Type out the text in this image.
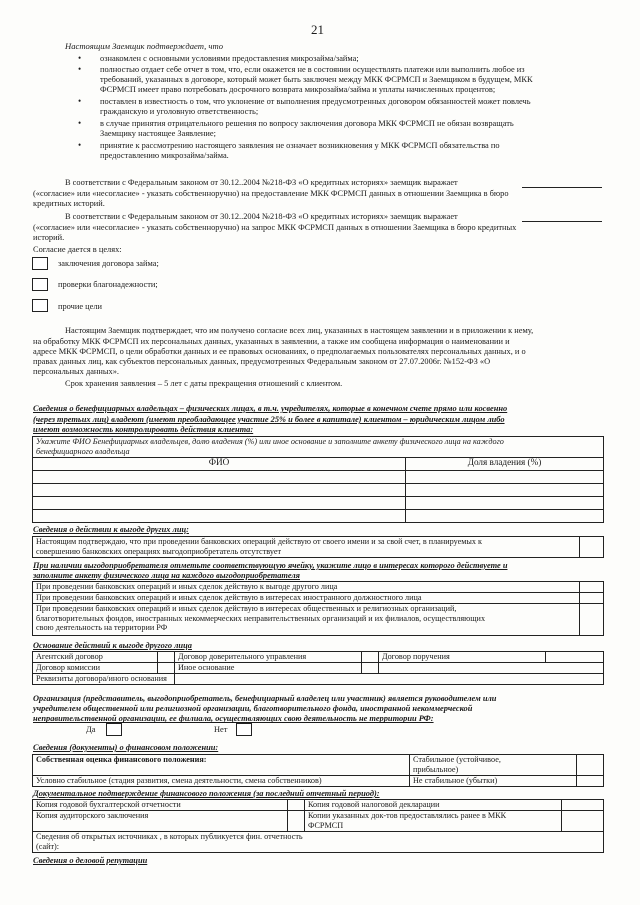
21
Настоящим Заемщик подтверждает, что
• ознакомлен с основными условиями предоставления микрозайма/займа;
• полностью отдает себе отчет в том, что, если окажется не в состоянии осуществлять платежи или выполнить любое из
требований, указанных в договоре, который может быть заключен между МКК ФСРМСП и Заемщиком в будущем, МКК
ФСРМСП имеет право потребовать досрочного возврата микрозайма/займа и уплаты начисленных процентов;
• поставлен в известность о том, что уклонение от выполнения предусмотренных договором обязанностей может повлечь
гражданскую и уголовную ответственность;
• в случае принятия отрицательного решения по вопросу заключения договора МКК ФСРМСП не обязан возвращать
Заемщику настоящее Заявление;
• принятие к рассмотрению настоящего заявления не означает возникновения у МКК ФСРМСП обязательства по
предоставлению микрозайма/займа.
В соответствии с Федеральным законом от 30.12..2004 №218-ФЗ «О кредитных историях» заемщик выражает
(«согласие» или «несогласие» - указать собственноручно) на предоставление МКК ФСРМСП данных в отношении Заемщика в бюро
кредитных историй.
В соответствии с Федеральным законом от 30.12..2004 №218-ФЗ «О кредитных историях» заемщик выражает
(«согласие» или «несогласие» - указать собственноручно) на запрос МКК ФСРМСП данных в отношении Заемщика в бюро кредитных
историй.
Согласие дается в целях:
заключения договора займа;
проверки благонадежности;
прочие цели
Настоящим Заемщик подтверждает, что им получено согласие всех лиц, указанных в настоящем заявлении и в приложении к нему,
на обработку МКК ФСРМСП их персональных данных, указанных в заявлении, а также им сообщена информация о наименовании и
адресе МКК ФСРМСП, о цели обработки данных и ее правовых основаниях, о предполагаемых пользователях персональных данных, и о
правах данных лиц, как субъектов персональных данных, предусмотренных Федеральным законом от 27.07.2006г. №152-ФЗ «О
персональных данных».
Срок хранения заявления – 5 лет с даты прекращения отношений с клиентом.
Сведения о бенефициарных владельцах – физических лицах, в т.ч. учредителях, которые в конечном счете прямо или косвенно
(через третьих лиц) владеют (имеют преобладающее участие 25% и более в капитале) клиентом – юридическим лицом либо
имеют возможность контролировать действия клиента:
Укажите ФИО Бенефициарных владельцев, долю владения (%) или иное основание и заполните анкету физического лица на каждого
бенефициарного владельца	
ФИО	Доля владения (%)

Сведения о действии к выгоде других лиц:
Настоящим подтверждаю, что при проведении банковских операций действую от своего имени и за свой счет, в планируемых к
совершению банковских операциях выгодоприобретатель отсутствует	
При наличии выгодоприобретателя отметьте соответствующую ячейку, укажите лицо в интересах которого действуете и
заполните анкету физического лица на каждого выгодоприобретателя
При проведении банковских операций и иных сделок действую к выгоде другого лица	
При проведении банковских операций и иных сделок действую в интересах иностранного должностного лица	
При проведении банковских операций и иных сделок действую в интересах общественных и религиозных организаций,
благотворительных фондов, иностранных некоммерческих неправительственных организаций и их филиалов, осуществляющих
свою деятельность на территории РФ	
Основание действий к выгоде другого лица
Агентский договор		Договор доверительного управления		Договор поручения	
Договор комиссии		Иное основание			
Реквизиты договора/иного основания					
Организация (представитель, выгодоприобретатель, бенефициарный владелец или участник) является руководителем или
учредителем общественной или религиозной организации, благотворительного фонда, иностранной некоммерческой
неправительственной организации, ее филиала, осуществляющих свою деятельность не территории РФ:
Да	Нет
Сведения (документы) о финансовом положении:
Собственная оценка финансового положения:	Стабильное (устойчивое,
прибыльное)	
Условно стабильное (стадия развития, смена деятельности, смена собственников)	Не стабильное (убытки)	
Документальное подтверждение финансового положения (за последний отчетный период):
Копия годовой бухгалтерской отчетности		Копия годовой налоговой декларации	
Копия аудиторского заключения		Копии указанных док-тов предоставлялись ранее в МКК
ФСРМСП	
Сведения об открытых источниках , в которых публикуется фин. отчетность
(сайт):			
Сведения о деловой репутации
